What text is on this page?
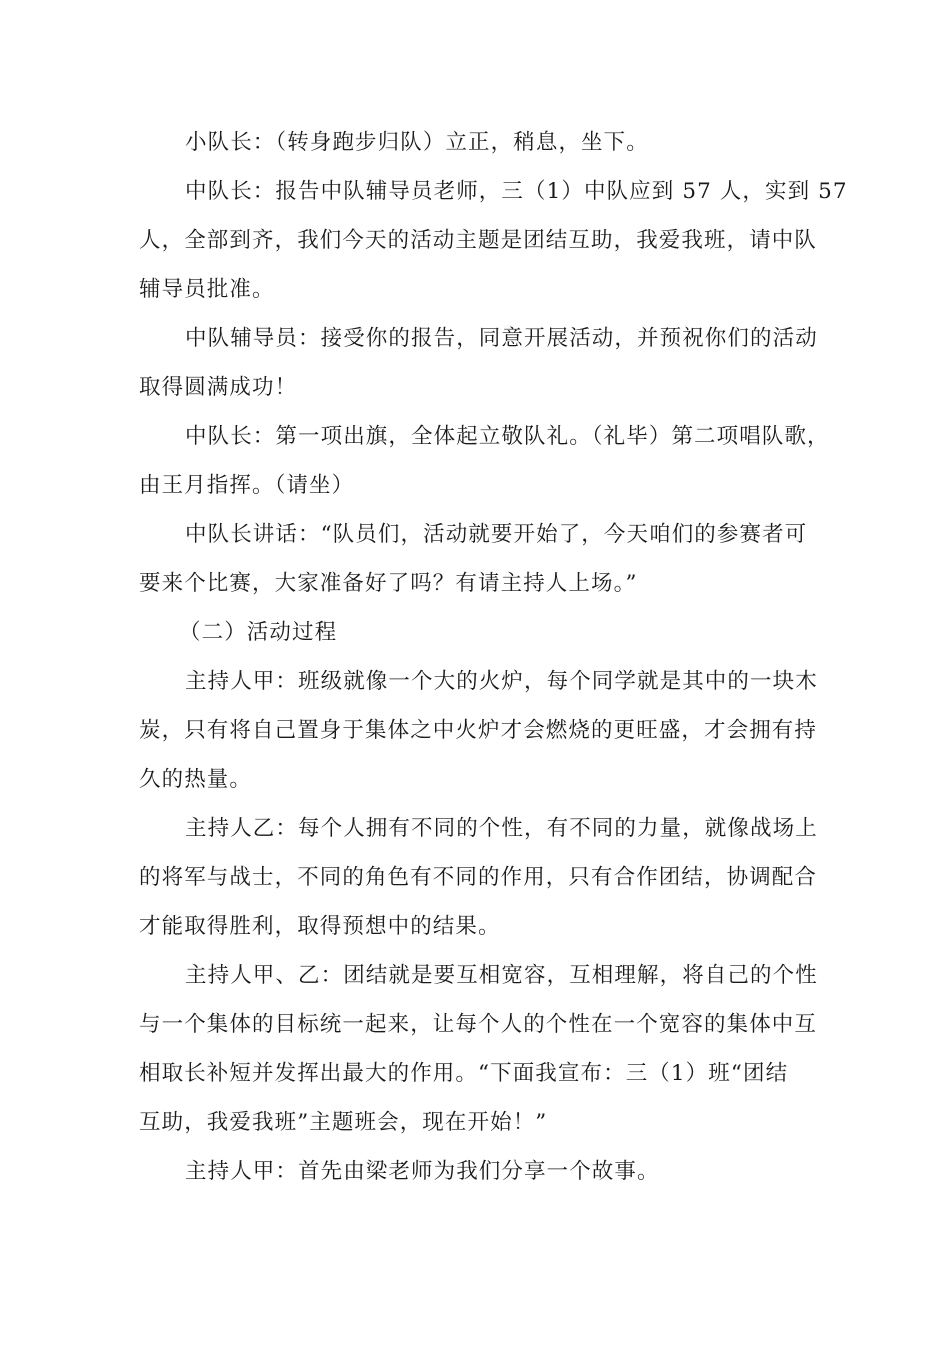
小队长：（转身跑步归队）立正，稍息，坐下。
中队长：报告中队辅导员老师，三（1）中队应到 57 人，实到 57
人，全部到齐，我们今天的活动主题是团结互助，我爱我班，请中队
辅导员批准。
中队辅导员：接受你的报告，同意开展活动，并预祝你们的活动
取得圆满成功！
中队长：第一项出旗，全体起立敬队礼。（礼毕）第二项唱队歌，
由王月指挥。（请坐）
中队长讲话：“队员们，活动就要开始了，今天咱们的参赛者可
要来个比赛，大家准备好了吗？有请主持人上场。”
（二）活动过程
主持人甲：班级就像一个大的火炉，每个同学就是其中的一块木
炭，只有将自己置身于集体之中火炉才会燃烧的更旺盛，才会拥有持
久的热量。
主持人乙：每个人拥有不同的个性，有不同的力量，就像战场上
的将军与战士，不同的角色有不同的作用，只有合作团结，协调配合
才能取得胜利，取得预想中的结果。
主持人甲、乙：团结就是要互相宽容，互相理解，将自己的个性
与一个集体的目标统一起来，让每个人的个性在一个宽容的集体中互
相取长补短并发挥出最大的作用。“下面我宣布：三（1）班“团结
互助，我爱我班”主题班会，现在开始！”
主持人甲：首先由梁老师为我们分享一个故事。
